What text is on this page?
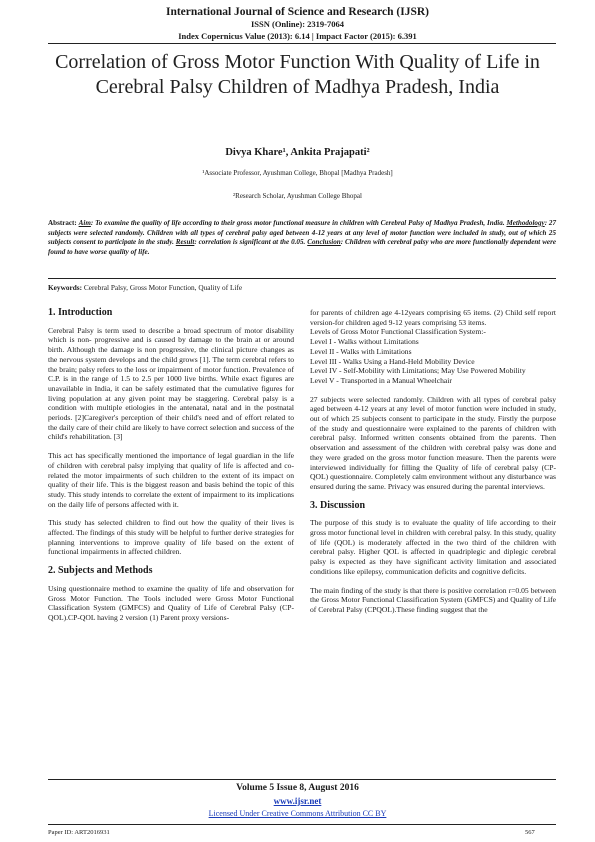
International Journal of Science and Research (IJSR)
ISSN (Online): 2319-7064
Index Copernicus Value (2013): 6.14 | Impact Factor (2015): 6.391
Correlation of Gross Motor Function With Quality of Life in Cerebral Palsy Children of Madhya Pradesh, India
Divya Khare¹, Ankita Prajapati²
¹Associate Professor, Ayushman College, Bhopal [Madhya Pradesh]
²Research Scholar, Ayushman College Bhopal
Abstract: Aim: To examine the quality of life according to their gross motor functional measure in children with Cerebral Palsy of Madhya Pradesh, India. Methodology: 27 subjects were selected randomly. Children with all types of cerebral palsy aged between 4-12 years at any level of motor function were included in study, out of which 25 subjects consent to participate in the study. Result: correlation is significant at the 0.05. Conclusion: Children with cerebral palsy who are more functionally dependent were found to have worse quality of life.
Keywords: Cerebral Palsy, Gross Motor Function, Quality of Life
1. Introduction

Cerebral Palsy is term used to describe a broad spectrum of motor disability which is non- progressive and is caused by damage to the brain at or around birth. Although the damage is non progressive, the clinical picture changes as the nervous system develops and the child grows [1]. The term cerebral refers to the brain; palsy refers to the loss or impairment of motor function. Prevalence of C.P. is in the range of 1.5 to 2.5 per 1000 live births. While exact figures are unavailable in India, it can be safely estimated that the cumulative figures for living population at any given point may be staggering. Cerebral palsy is a condition with multiple etiologies in the antenatal, natal and in the postnatal periods. [2]Caregiver's perception of their child's need and of effort related to the daily care of their child are likely to have correct selection and success of the child's rehabilitation. [3]

This act has specifically mentioned the importance of legal guardian in the life of children with cerebral palsy implying that quality of life is affected and co-related the motor impairments of such children to the extent of its impact on quality of their life. This is the biggest reason and basis behind the topic of this study. This study intends to correlate the extent of impairment to its implications on the daily life of persons affected with it.

This study has selected children to find out how the quality of their lives is affected. The findings of this study will be helpful to further derive strategies for planning interventions to improve quality of life based on the extent of functional impairments in affected children.

2. Subjects and Methods

Using questionnaire method to examine the quality of life and observation for Gross Motor Function. The Tools included were Gross Motor Functional Classification System (GMFCS) and Quality of Life of Cerebral Palsy (CP-QOL).CP-QOL having 2 version (1) Parent proxy versions-

for parents of children age 4-12years comprising 65 items. (2) Child self report version-for children aged 9-12 years comprising 53 items.

Levels of Gross Motor Functional Classification System:-
Level I - Walks without Limitations
Level II - Walks with Limitations
Level III - Walks Using a Hand-Held Mobility Device
Level IV - Self-Mobility with Limitations; May Use Powered Mobility
Level V - Transported in a Manual Wheelchair

27 subjects were selected randomly. Children with all types of cerebral palsy aged between 4-12 years at any level of motor function were included in study, out of which 25 subjects consent to participate in the study. Firstly the purpose of the study and questionnaire were explained to the parents of children with cerebral palsy. Informed written consents obtained from the parents. Then observation and assessment of the children with cerebral palsy was done and they were graded on the gross motor function measure. Then the parents were interviewed individually for filling the Quality of life of cerebral palsy (CP-QOL) questionnaire. Completely calm environment without any disturbance was ensured during the same. Privacy was ensured during the parental interviews.

3. Discussion

The purpose of this study is to evaluate the quality of life according to their gross motor functional level in children with cerebral palsy. In this study, quality of life (QOL) is moderately affected in the two third of the children with cerebral palsy. Higher QOL is affected in quadriplegic and diplegic cerebral palsy is expected as they have significant activity limitation and associated conditions like epilepsy, communication deficits and cognitive deficits.

The main finding of the study is that there is positive correlation r=0.05 between the Gross Motor Functional Classification System (GMFCS) and Quality of Life of Cerebral Palsy (CPQOL).These finding suggest that the

Volume 5 Issue 8, August 2016
www.ijsr.net
Licensed Under Creative Commons Attribution CC BY
Paper ID: ART2016931	567
